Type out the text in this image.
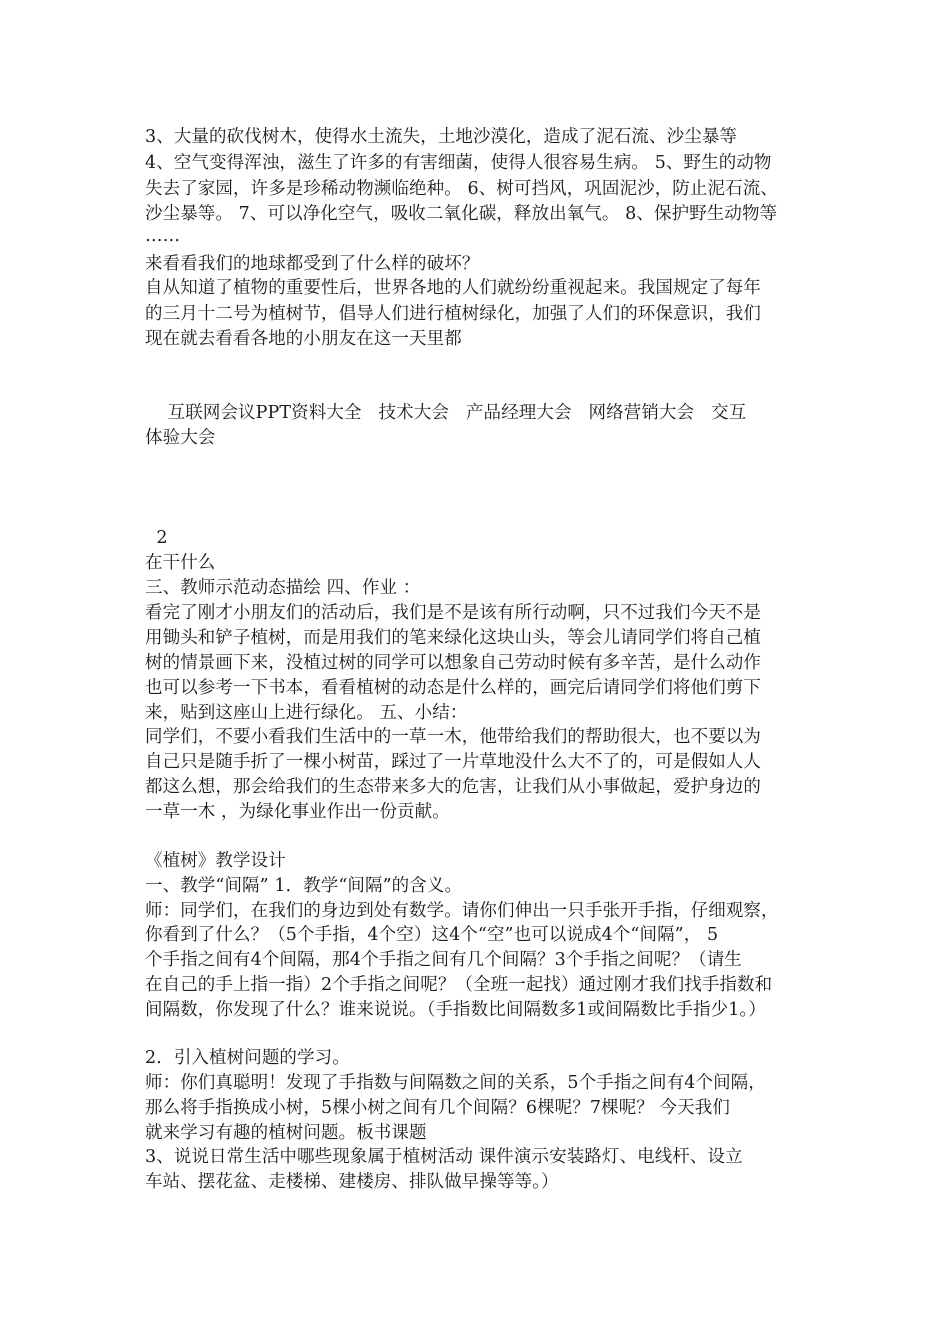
3、大量的砍伐树木，使得水土流失，土地沙漠化，造成了泥石流、沙尘暴等
4、空气变得浑浊，滋生了许多的有害细菌，使得人很容易生病。 5、野生的动物
失去了家园，许多是珍稀动物濒临绝种。 6、树可挡风，巩固泥沙，防止泥石流、
沙尘暴等。 7、可以净化空气，吸收二氧化碳，释放出氧气。 8、保护野生动物等
……
来看看我们的地球都受到了什么样的破坏？
自从知道了植物的重要性后，世界各地的人们就纷纷重视起来。我国规定了每年
的三月十二号为植树节，倡导人们进行植树绿化，加强了人们的环保意识，我们
现在就去看看各地的小朋友在这一天里都
互联网会议PPT资料大全   技术大会   产品经理大会   网络营销大会   交互
体验大会
2
在干什么
三、教师示范动态描绘 四、作业 ：
看完了刚才小朋友们的活动后，我们是不是该有所行动啊，只不过我们今天不是
用锄头和铲子植树，而是用我们的笔来绿化这块山头，等会儿请同学们将自己植
树的情景画下来，没植过树的同学可以想象自己劳动时候有多辛苦，是什么动作
也可以参考一下书本，看看植树的动态是什么样的，画完后请同学们将他们剪下
来，贴到这座山上进行绿化。 五、小结：
同学们，不要小看我们生活中的一草一木，他带给我们的帮助很大，也不要以为
自己只是随手折了一棵小树苗，踩过了一片草地没什么大不了的，可是假如人人
都这么想，那会给我们的生态带来多大的危害，让我们从小事做起，爱护身边的
一草一木 ，为绿化事业作出一份贡献。
《植树》教学设计
一、教学“间隔” 1．教学“间隔”的含义。
师：同学们，在我们的身边到处有数学。请你们伸出一只手张开手指，仔细观察，
你看到了什么？（5个手指，4个空）这4个“空”也可以说成4个“间隔”， 5
个手指之间有4个间隔，那4个手指之间有几个间隔？3个手指之间呢？（请生
在自己的手上指一指）2个手指之间呢？（全班一起找）通过刚才我们找手指数和
间隔数，你发现了什么？谁来说说。（手指数比间隔数多1或间隔数比手指少1。）
2．引入植树问题的学习。
师：你们真聪明！发现了手指数与间隔数之间的关系，5个手指之间有4个间隔，
那么将手指换成小树，5棵小树之间有几个间隔？6棵呢？7棵呢？ 今天我们
就来学习有趣的植树问题。板书课题
3、说说日常生活中哪些现象属于植树活动 课件演示安装路灯、电线杆、设立
车站、摆花盆、走楼梯、建楼房、排队做早操等等。）
